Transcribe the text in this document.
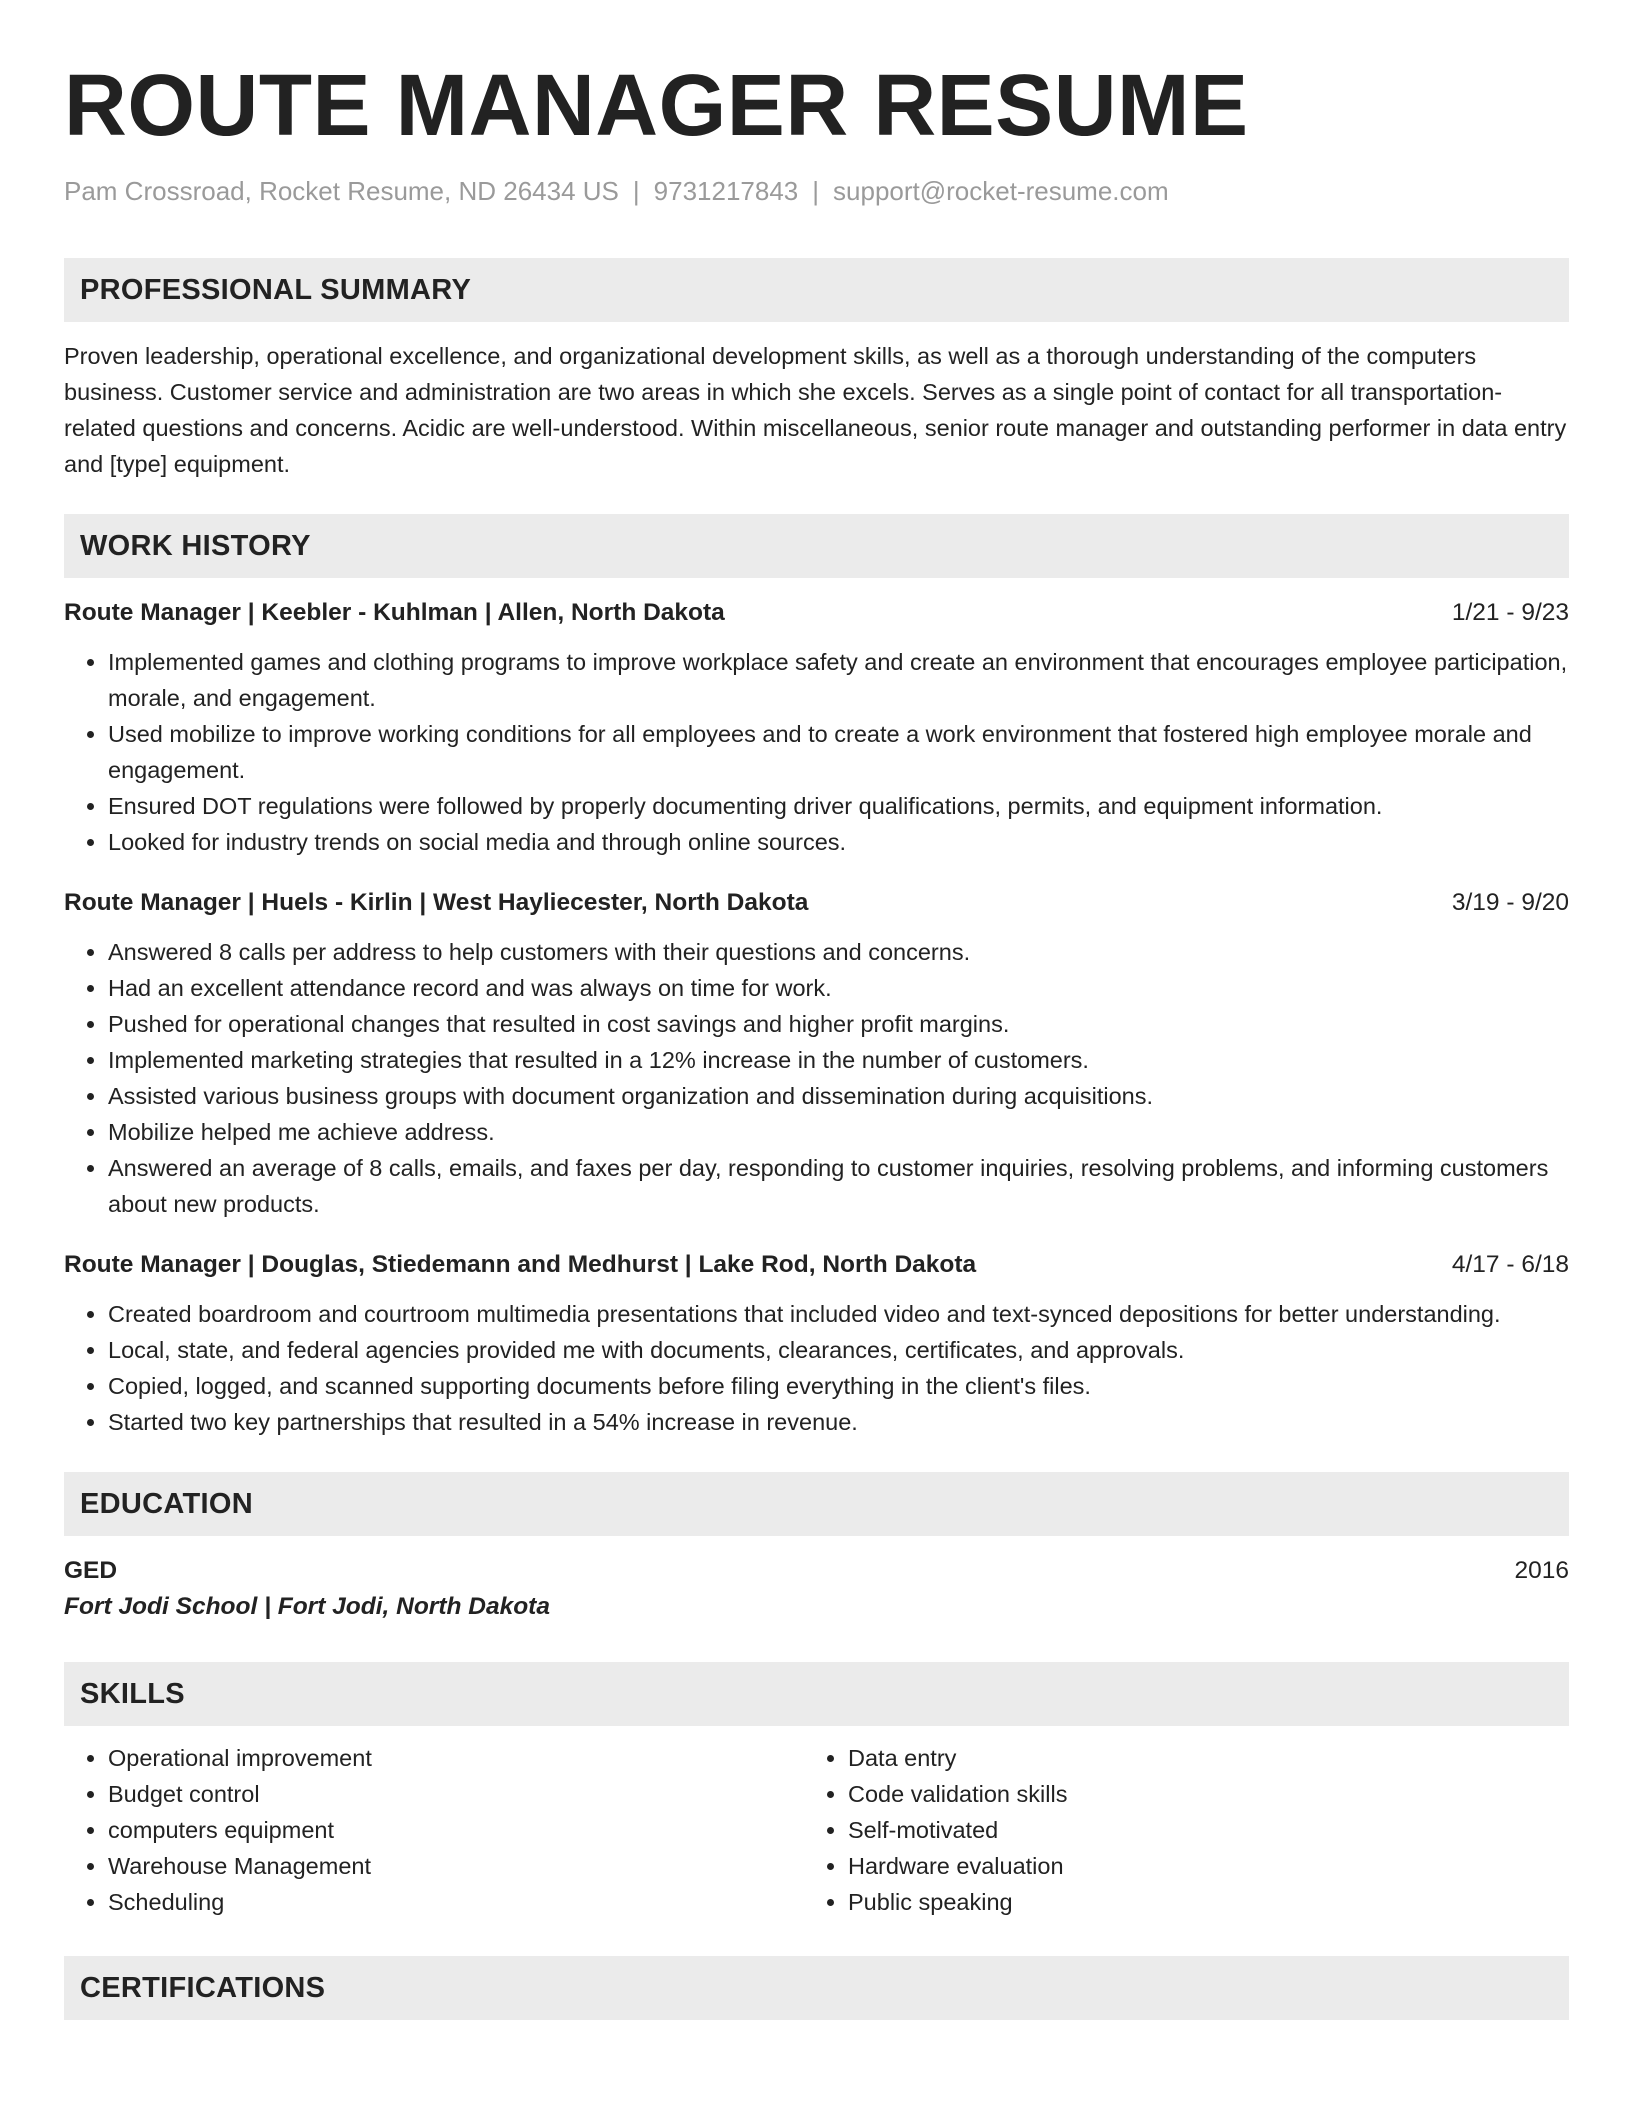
ROUTE MANAGER RESUME
Pam Crossroad, Rocket Resume, ND 26434 US | 9731217843 | support@rocket-resume.com
PROFESSIONAL SUMMARY
Proven leadership, operational excellence, and organizational development skills, as well as a thorough understanding of the computers business. Customer service and administration are two areas in which she excels. Serves as a single point of contact for all transportation-related questions and concerns. Acidic are well-understood. Within miscellaneous, senior route manager and outstanding performer in data entry and [type] equipment.
WORK HISTORY
Route Manager | Keebler - Kuhlman | Allen, North Dakota	1/21 - 9/23
• Implemented games and clothing programs to improve workplace safety and create an environment that encourages employee participation, morale, and engagement.
• Used mobilize to improve working conditions for all employees and to create a work environment that fostered high employee morale and engagement.
• Ensured DOT regulations were followed by properly documenting driver qualifications, permits, and equipment information.
• Looked for industry trends on social media and through online sources.
Route Manager | Huels - Kirlin | West Hayliecester, North Dakota	3/19 - 9/20
• Answered 8 calls per address to help customers with their questions and concerns.
• Had an excellent attendance record and was always on time for work.
• Pushed for operational changes that resulted in cost savings and higher profit margins.
• Implemented marketing strategies that resulted in a 12% increase in the number of customers.
• Assisted various business groups with document organization and dissemination during acquisitions.
• Mobilize helped me achieve address.
• Answered an average of 8 calls, emails, and faxes per day, responding to customer inquiries, resolving problems, and informing customers about new products.
Route Manager | Douglas, Stiedemann and Medhurst | Lake Rod, North Dakota	4/17 - 6/18
• Created boardroom and courtroom multimedia presentations that included video and text-synced depositions for better understanding.
• Local, state, and federal agencies provided me with documents, clearances, certificates, and approvals.
• Copied, logged, and scanned supporting documents before filing everything in the client's files.
• Started two key partnerships that resulted in a 54% increase in revenue.
EDUCATION
GED	2016
Fort Jodi School | Fort Jodi, North Dakota
SKILLS
• Operational improvement
• Budget control
• computers equipment
• Warehouse Management
• Scheduling
• Data entry
• Code validation skills
• Self-motivated
• Hardware evaluation
• Public speaking
CERTIFICATIONS
